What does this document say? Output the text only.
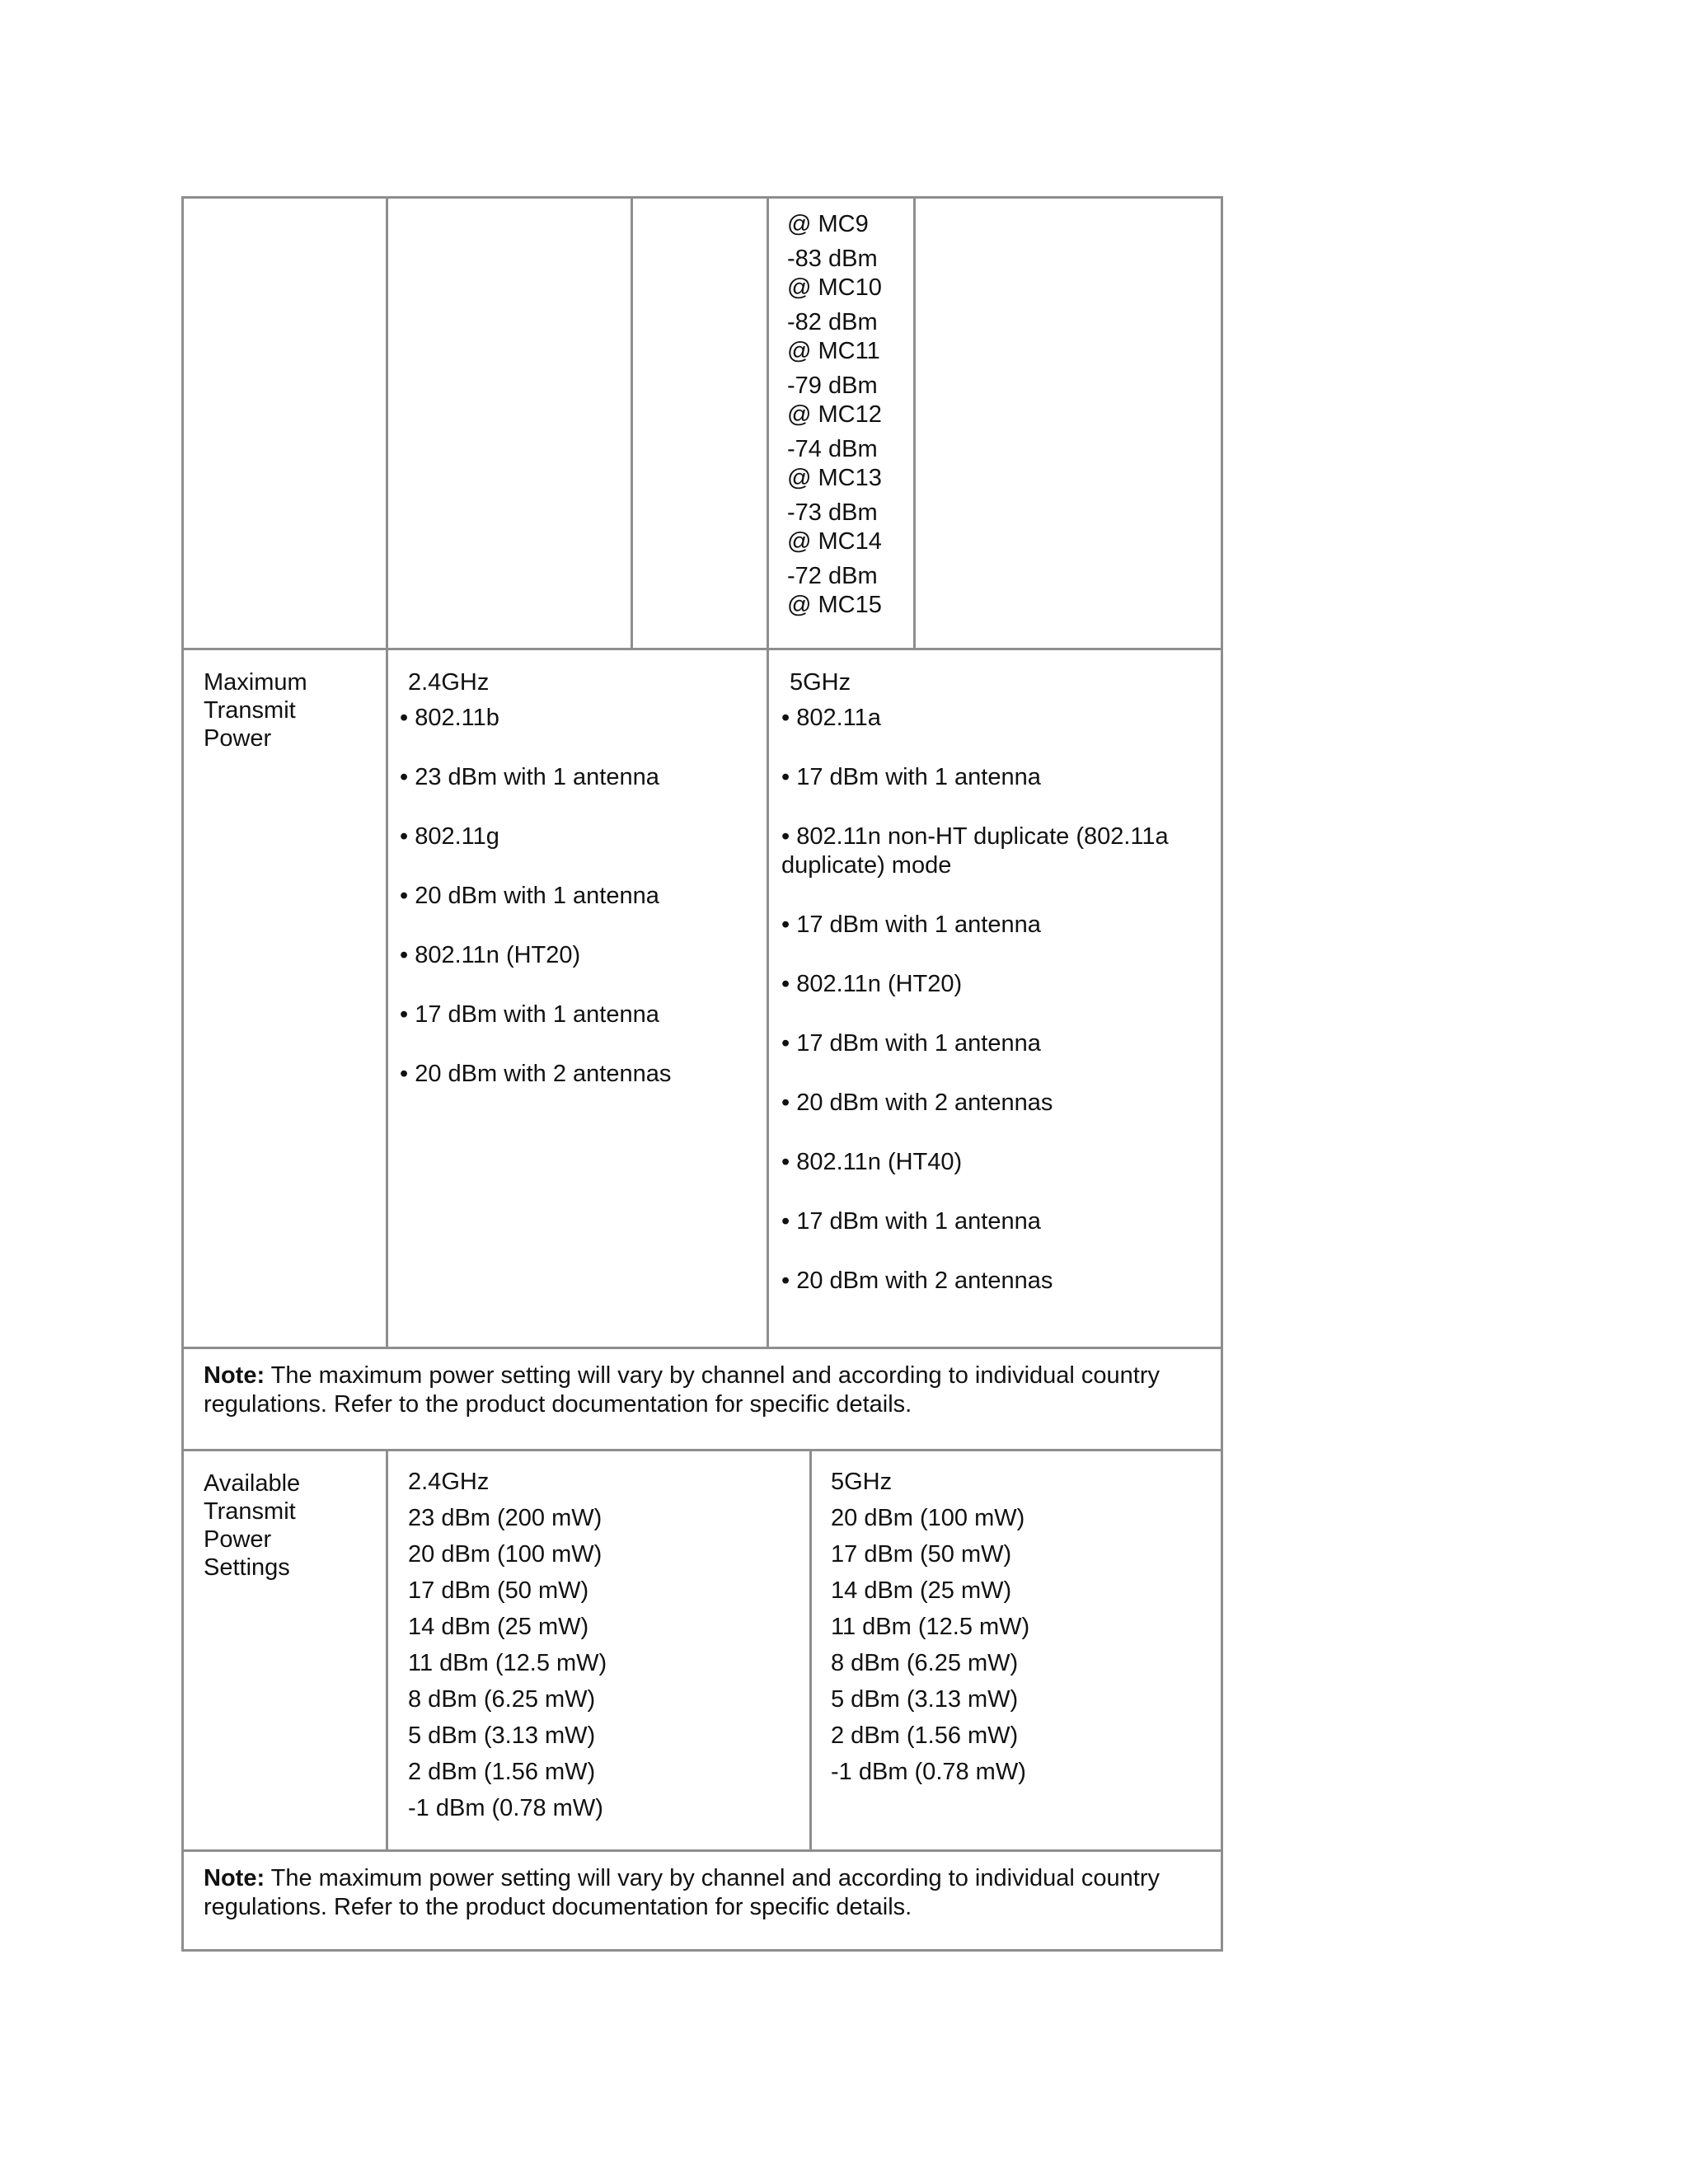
@ MC9
-83 dBm
@ MC10
-82 dBm
@ MC11
-79 dBm
@ MC12
-74 dBm
@ MC13
-73 dBm
@ MC14
-72 dBm
@ MC15
Maximum
Transmit
Power
2.4GHz

• 802.11b

• 23 dBm with 1 antenna

• 802.11g

• 20 dBm with 1 antenna

• 802.11n (HT20)

• 17 dBm with 1 antenna

• 20 dBm with 2 antennas

5GHz

• 802.11a

• 17 dBm with 1 antenna

• 802.11n non-HT duplicate (802.11a duplicate) mode

• 17 dBm with 1 antenna

• 802.11n (HT20)

• 17 dBm with 1 antenna

• 20 dBm with 2 antennas

• 802.11n (HT40)

• 17 dBm with 1 antenna

• 20 dBm with 2 antennas

Note: The maximum power setting will vary by channel and according to individual country regulations. Refer to the product documentation for specific details.
Available
Transmit
Power
Settings
2.4GHz
23 dBm (200 mW)
20 dBm (100 mW)
17 dBm (50 mW)
14 dBm (25 mW)
11 dBm (12.5 mW)
8 dBm (6.25 mW)
5 dBm (3.13 mW)
2 dBm (1.56 mW)
-1 dBm (0.78 mW)
5GHz
20 dBm (100 mW)
17 dBm (50 mW)
14 dBm (25 mW)
11 dBm (12.5 mW)
8 dBm (6.25 mW)
5 dBm (3.13 mW)
2 dBm (1.56 mW)
-1 dBm (0.78 mW)
Note: The maximum power setting will vary by channel and according to individual country regulations. Refer to the product documentation for specific details.
